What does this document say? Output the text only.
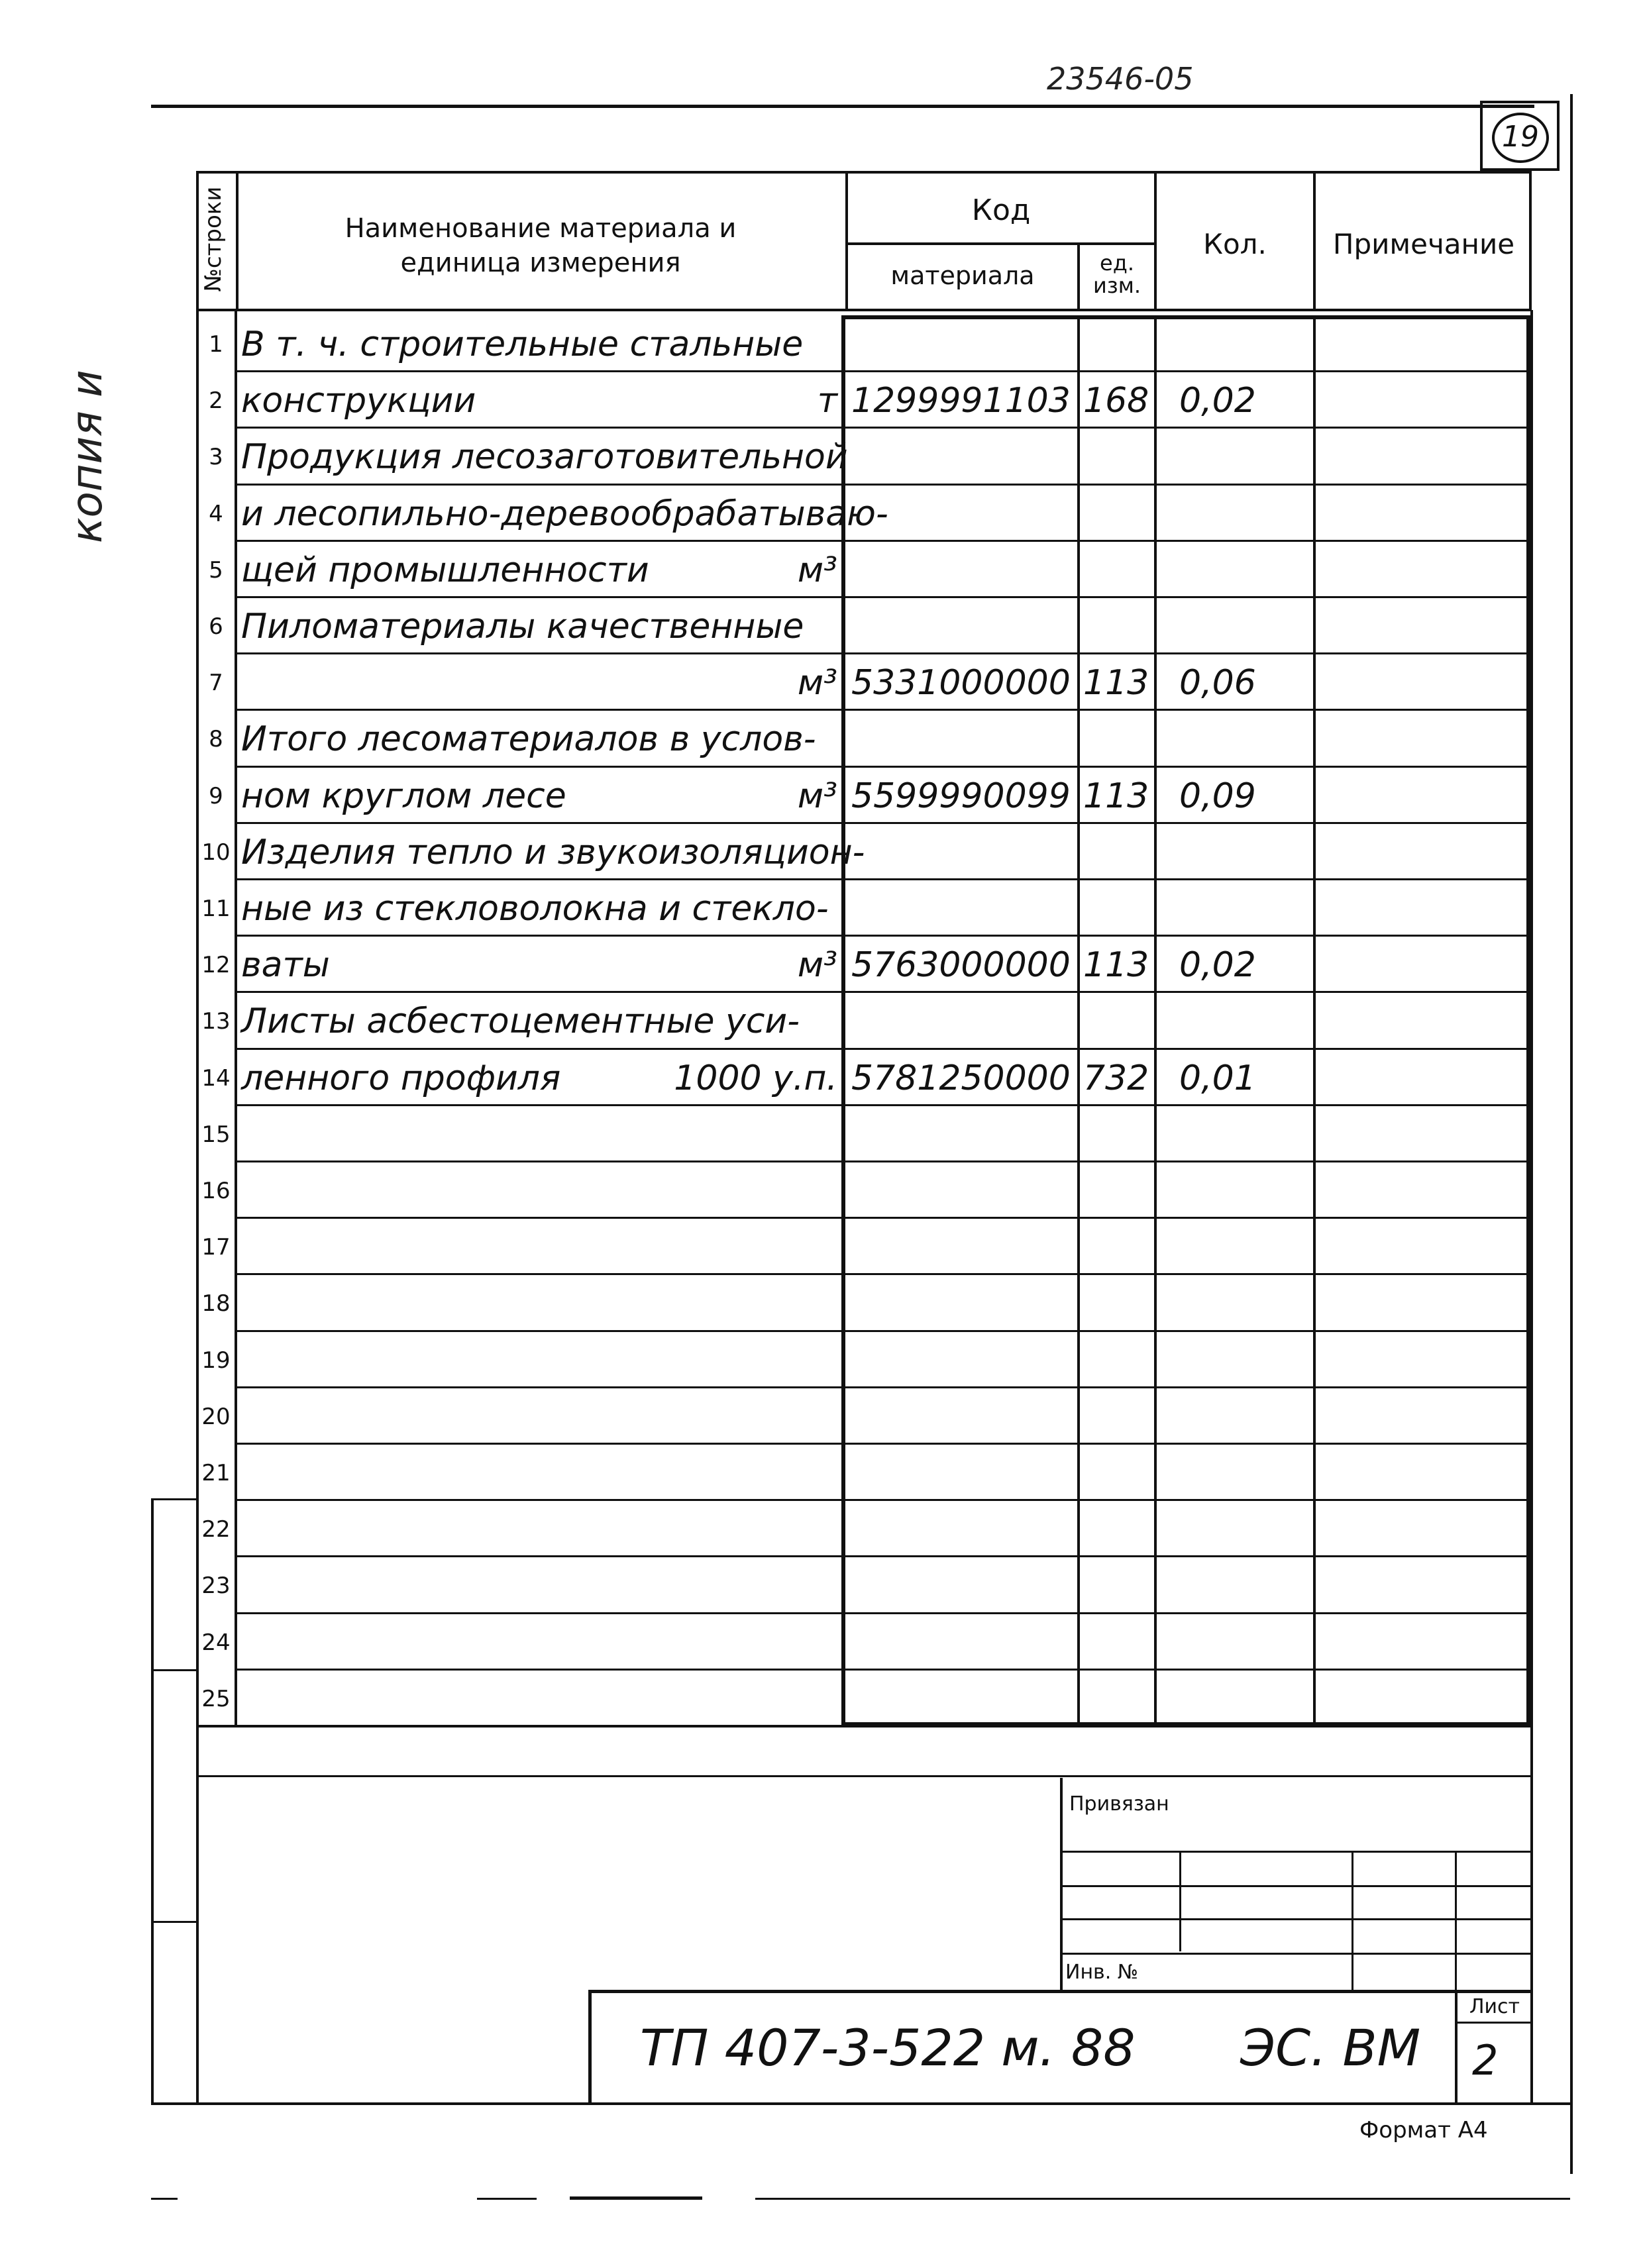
23546-05
19
копия и
№строки	Наименование материала и
единица измерения
Код
материала	ед.
изм.
Кол.	Примечание
1 В т. ч. строительные стальные
2 конструкции	т 1299991103 168 0,02
3 Продукция лесозаготовительной
4 и лесопильно-деревообрабатываю-
5 щей промышленности	м³
6 Пиломатериалы качественные
7	м³ 5331000000 113 0,06
8 Итого лесоматериалов в услов-
9 ном круглом лесе	м³ 5599990099 113 0,09
10 Изделия тепло и звукоизоляцион-
11 ные из стекловолокна и стекло-
12 ваты	м³ 5763000000 113 0,02
13 Листы асбестоцементные уси-
14 ленного профиля	1000 у.п. 5781250000 732 0,01
15
16
17
18
19
20
21
22
23
24
25
Привязан
Инв. №
ТП 407-3-522 м. 88 ЭС. ВМ
Лист
2
Формат А4
